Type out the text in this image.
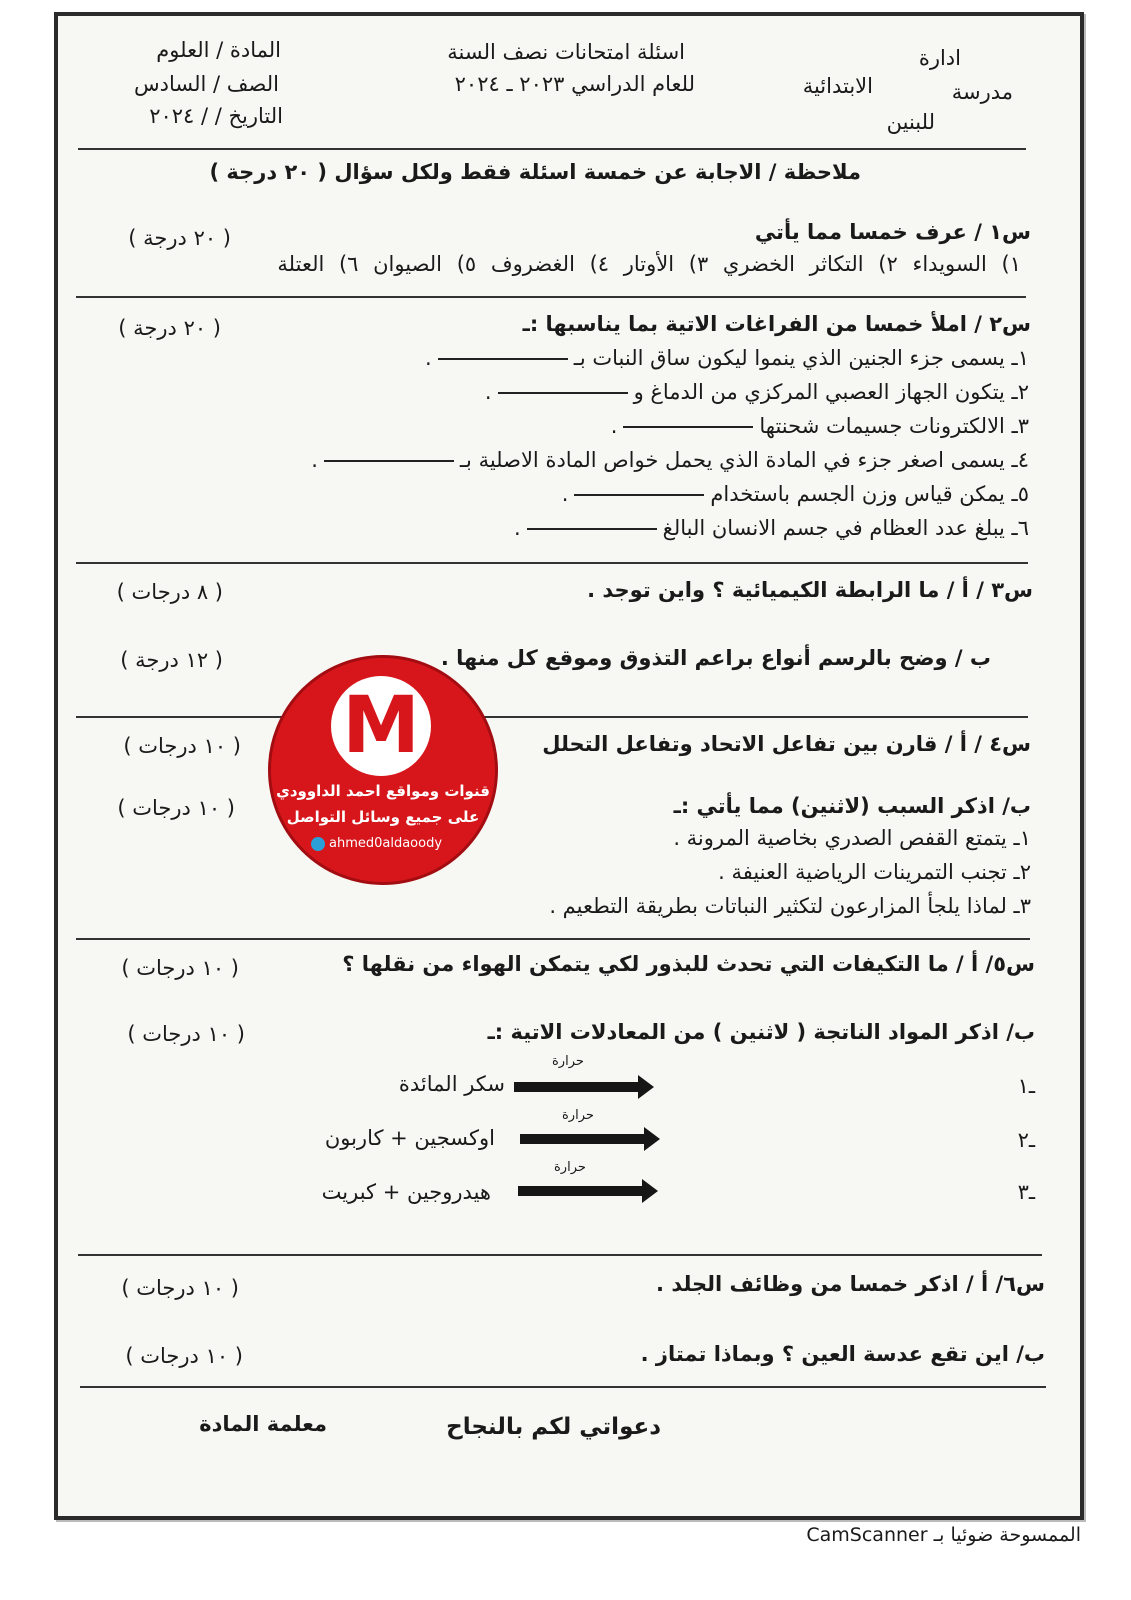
ادارة
مدرسة
الابتدائية
للبنين
اسئلة امتحانات نصف السنة
للعام الدراسي ٢٠٢٣ ـ ٢٠٢٤
المادة / العلوم
الصف / السادس
التاريخ / / ٢٠٢٤
ملاحظة / الاجابة عن خمسة اسئلة فقط ولكل سؤال ( ٢٠ درجة )
س١ / عرف خمسا مما يأتي
( ٢٠ درجة )
١) السويداء ٢) التكاثر الخضري ٣) الأوتار ٤) الغضروف ٥) الصيوان ٦) العتلة
س٢ / املأ خمسا من الفراغات الاتية بما يناسبها :ـ
( ٢٠ درجة )
١ـ يسمى جزء الجنين الذي ينموا ليكون ساق النبات بـ.
٢ـ يتكون الجهاز العصبي المركزي من الدماغ و.
٣ـ الالكترونات جسيمات شحنتها.
٤ـ يسمى اصغر جزء في المادة الذي يحمل خواص المادة الاصلية بـ.
٥ـ يمكن قياس وزن الجسم باستخدام.
٦ـ يبلغ عدد العظام في جسم الانسان البالغ.
س٣ / أ / ما الرابطة الكيميائية ؟ واين توجد .
( ٨ درجات )
ب / وضح بالرسم أنواع براعم التذوق وموقع كل منها .
( ١٢ درجة )
س٤ / أ / قارن بين تفاعل الاتحاد وتفاعل التحلل
( ١٠ درجات )
ب/ اذكر السبب (لاثنين) مما يأتي :ـ
( ١٠ درجات )
١ـ يتمتع القفص الصدري بخاصية المرونة .
٢ـ تجنب التمرينات الرياضية العنيفة .
٣ـ لماذا يلجأ المزارعون لتكثير النباتات بطريقة التطعيم .
س٥/ أ / ما التكيفات التي تحدث للبذور لكي يتمكن الهواء من نقلها ؟
( ١٠ درجات )
ب/ اذكر المواد الناتجة ( لاثنين ) من المعادلات الاتية :ـ
( ١٠ درجات )
ـ١
حرارة
سكر المائدة
ـ٢
حرارة
اوكسجين + كاربون
ـ٣
حرارة
هيدروجين + كبريت
س٦/ أ / اذكر خمسا من وظائف الجلد .
( ١٠ درجات )
ب/ اين تقع عدسة العين ؟ وبماذا تمتاز .
( ١٠ درجات )
دعواتي لكم بالنجاح
معلمة المادة
M
قنوات ومواقع احمد الداوودي
على جميع وسائل التواصل
ahmed0aldaoody
الممسوحة ضوئيا بـ CamScanner
